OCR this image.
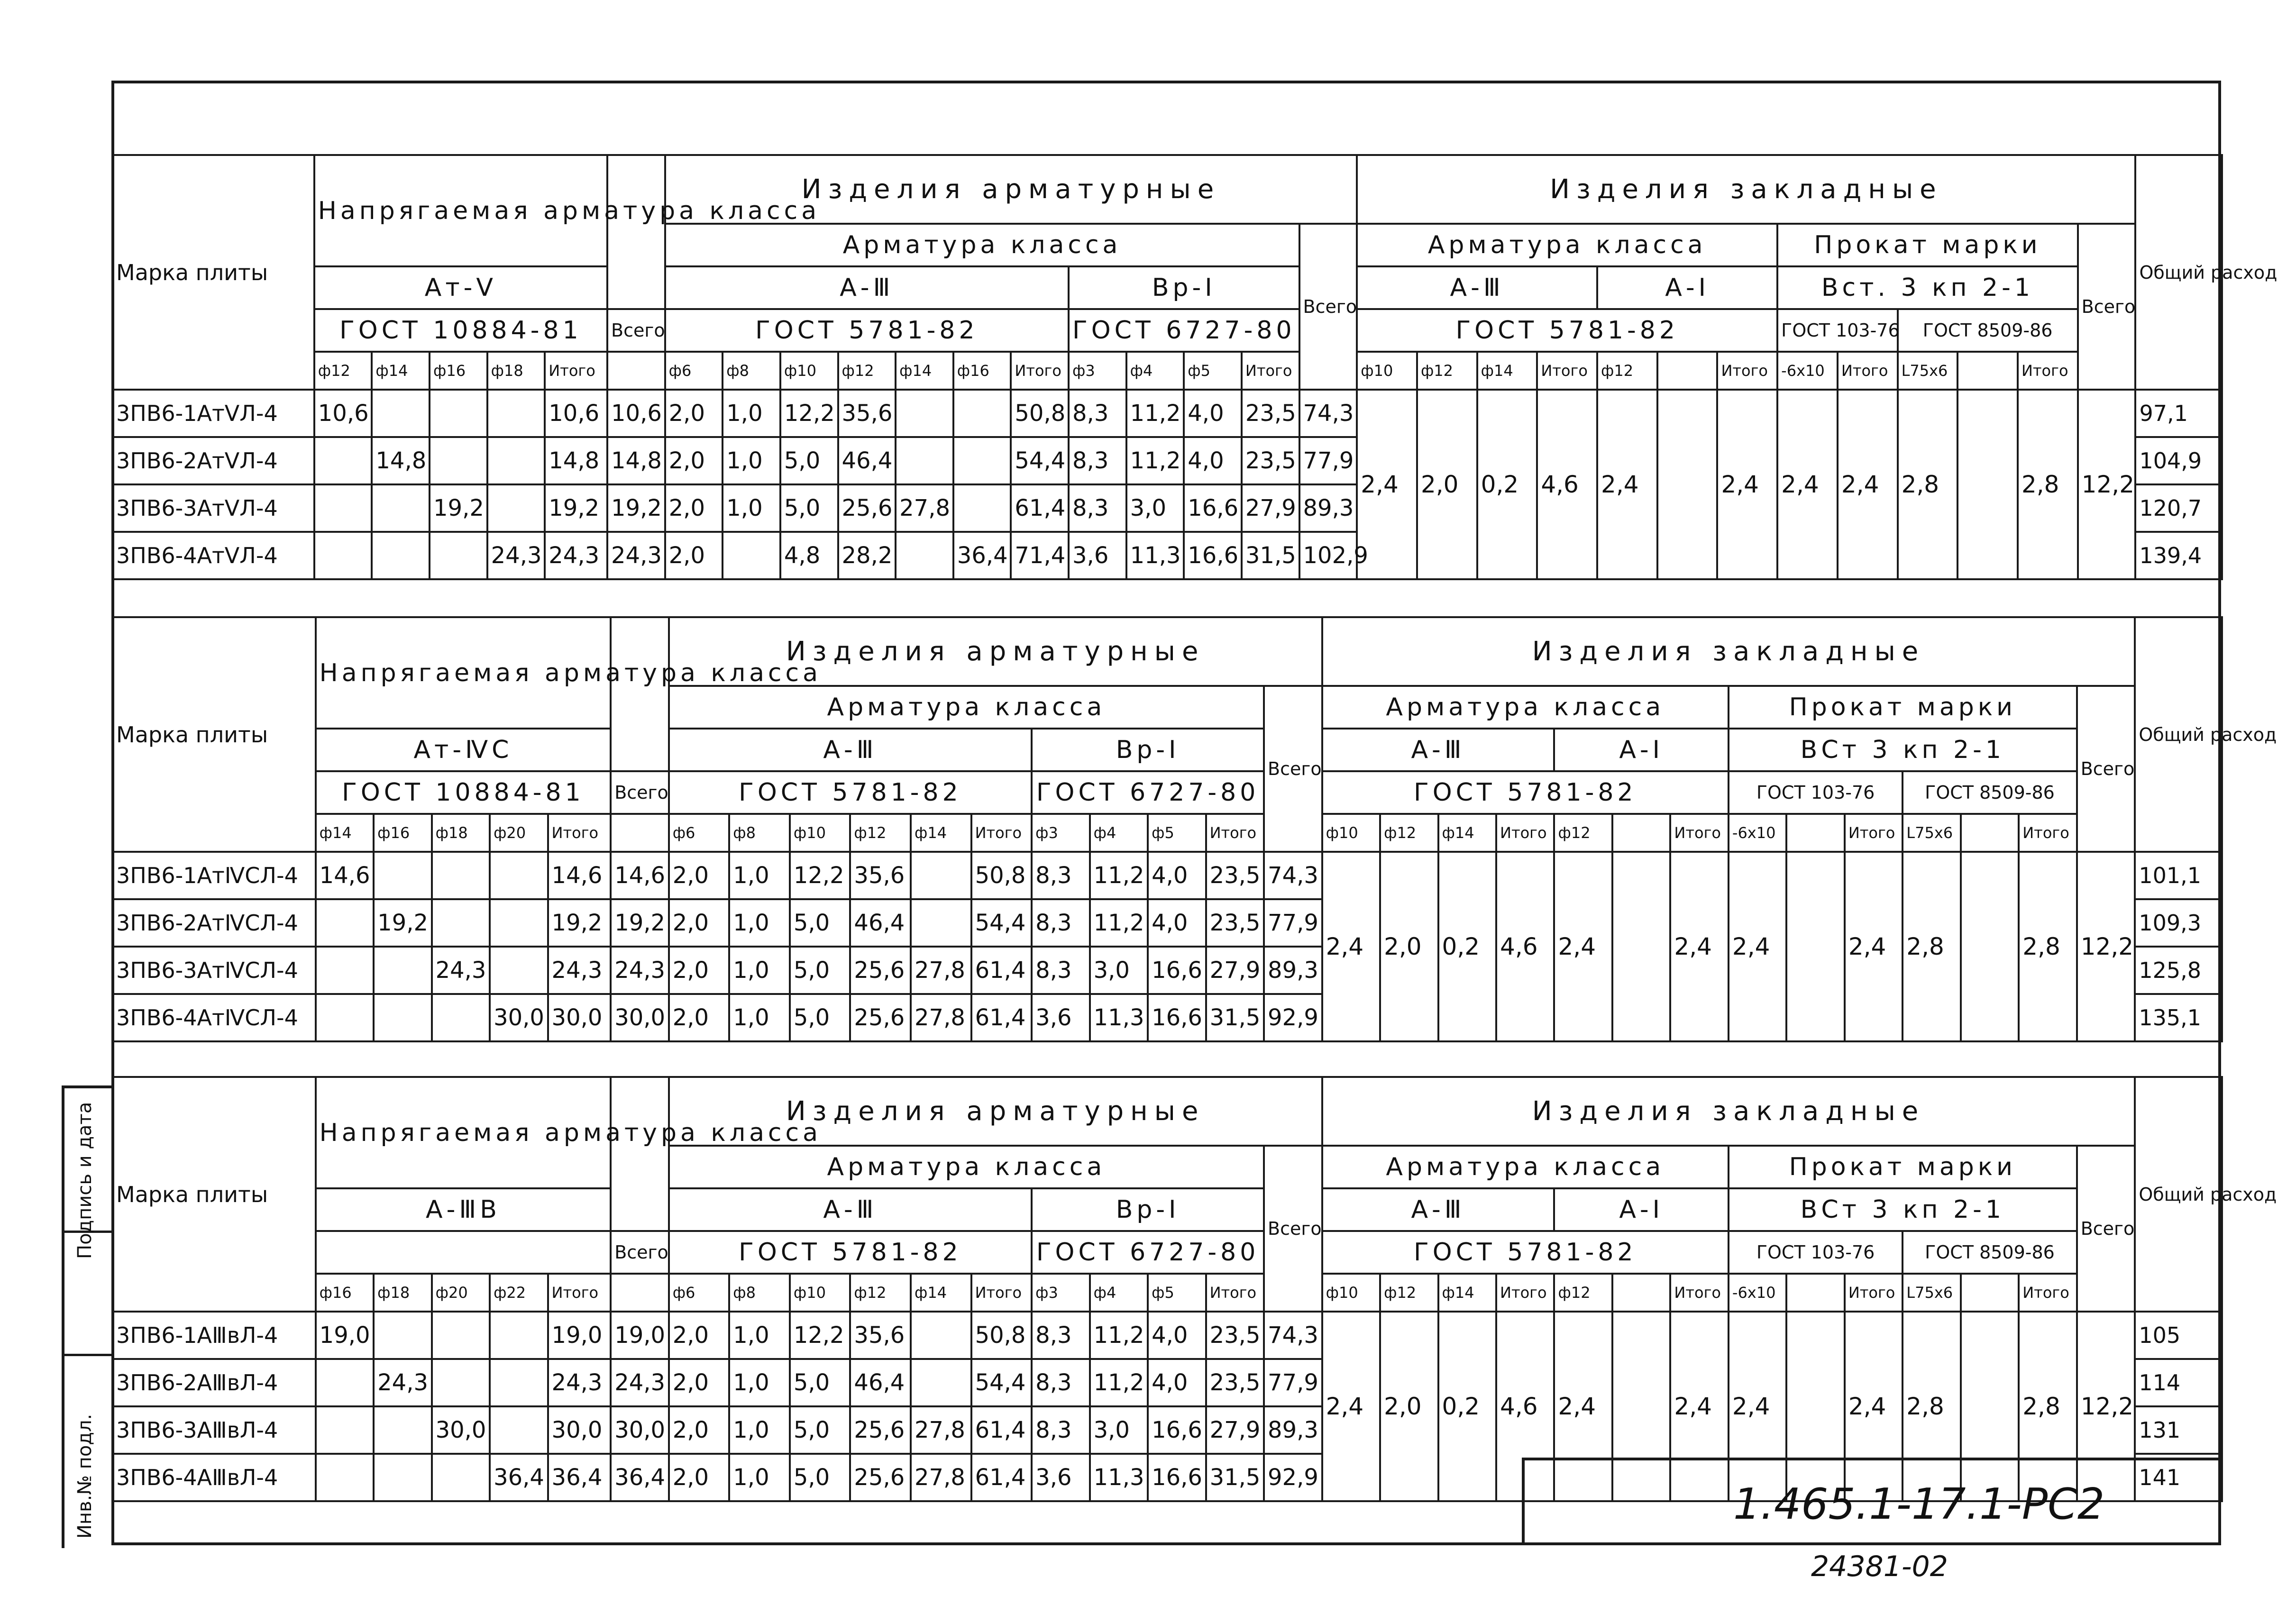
Марка плиты	Напрягаемая арматура класса						Изделия арматурные												Изделия закладные													Общий расход
							Арматура класса											Всего	Арматура класса							Прокат марки					Всего	
	Ат-Ⅴ						А-Ⅲ							Вр-Ⅰ					А-Ⅲ				А-Ⅰ			Вст. 3 кп 2-1						
	ГОСТ 10884-81					Всего	ГОСТ 5781-82							ГОСТ 6727-80					ГОСТ 5781-82							ГОСТ 103-76		ГОСТ 8509-86				
	ф12	ф14	ф16	ф18	Итого		ф6	ф8	ф10	ф12	ф14	ф16	Итого	ф3	ф4	ф5	Итого		ф10	ф12	ф14	Итого	ф12		Итого	-6x10	Итого	L75x6		Итого		
3ПВ6-1АтⅤЛ-4	10,6				10,6	10,6	2,0	1,0	12,2	35,6			50,8	8,3	11,2	4,0	23,5	74,3	2,4	2,0	0,2	4,6	2,4		2,4	2,4	2,4	2,8		2,8	12,2	97,1
3ПВ6-2АтⅤЛ-4		14,8			14,8	14,8	2,0	1,0	5,0	46,4			54,4	8,3	11,2	4,0	23,5	77,9														104,9
3ПВ6-3АтⅤЛ-4			19,2		19,2	19,2	2,0	1,0	5,0	25,6	27,8		61,4	8,3	3,0	16,6	27,9	89,3														120,7
3ПВ6-4АтⅤЛ-4				24,3	24,3	24,3	2,0		4,8	28,2		36,4	71,4	3,6	11,3	16,6	31,5	102,9														139,4
Марка плиты	Напрягаемая арматура класса						Изделия арматурные											Изделия закладные														Общий расход
							Арматура класса										Всего	Арматура класса							Прокат марки						Всего	
	Ат-ⅣС						А-Ⅲ						Вр-Ⅰ					А-Ⅲ				А-Ⅰ			ВСт 3 кп 2-1							
	ГОСТ 10884-81					Всего	ГОСТ 5781-82						ГОСТ 6727-80					ГОСТ 5781-82							ГОСТ 103-76			ГОСТ 8509-86				
	ф14	ф16	ф18	ф20	Итого		ф6	ф8	ф10	ф12	ф14	Итого	ф3	ф4	ф5	Итого		ф10	ф12	ф14	Итого	ф12		Итого	-6x10		Итого	L75x6		Итого		
3ПВ6-1АтⅣСЛ-4	14,6				14,6	14,6	2,0	1,0	12,2	35,6		50,8	8,3	11,2	4,0	23,5	74,3	2,4	2,0	0,2	4,6	2,4		2,4	2,4		2,4	2,8		2,8	12,2	101,1
3ПВ6-2АтⅣСЛ-4		19,2			19,2	19,2	2,0	1,0	5,0	46,4		54,4	8,3	11,2	4,0	23,5	77,9															109,3
3ПВ6-3АтⅣСЛ-4			24,3		24,3	24,3	2,0	1,0	5,0	25,6	27,8	61,4	8,3	3,0	16,6	27,9	89,3															125,8
3ПВ6-4АтⅣСЛ-4				30,0	30,0	30,0	2,0	1,0	5,0	25,6	27,8	61,4	3,6	11,3	16,6	31,5	92,9															135,1
Марка плиты	Напрягаемая арматура класса						Изделия арматурные											Изделия закладные														Общий расход
							Арматура класса										Всего	Арматура класса							Прокат марки						Всего	
	А-ⅢВ						А-Ⅲ						Вр-Ⅰ					А-Ⅲ				А-Ⅰ			ВСт 3 кп 2-1							
						Всего	ГОСТ 5781-82						ГОСТ 6727-80					ГОСТ 5781-82							ГОСТ 103-76			ГОСТ 8509-86				
	ф16	ф18	ф20	ф22	Итого		ф6	ф8	ф10	ф12	ф14	Итого	ф3	ф4	ф5	Итого		ф10	ф12	ф14	Итого	ф12		Итого	-6x10		Итого	L75x6		Итого		
3ПВ6-1АⅢвЛ-4	19,0				19,0	19,0	2,0	1,0	12,2	35,6		50,8	8,3	11,2	4,0	23,5	74,3	2,4	2,0	0,2	4,6	2,4		2,4	2,4		2,4	2,8		2,8	12,2	105
3ПВ6-2АⅢвЛ-4		24,3			24,3	24,3	2,0	1,0	5,0	46,4		54,4	8,3	11,2	4,0	23,5	77,9															114
3ПВ6-3АⅢвЛ-4			30,0		30,0	30,0	2,0	1,0	5,0	25,6	27,8	61,4	8,3	3,0	16,6	27,9	89,3															131
3ПВ6-4АⅢвЛ-4				36,4	36,4	36,4	2,0	1,0	5,0	25,6	27,8	61,4	3,6	11,3	16,6	31,5	92,9															141
Инв.№ подл.
Подпись и дата
1.465.1-17.1-РС2
24381-02
